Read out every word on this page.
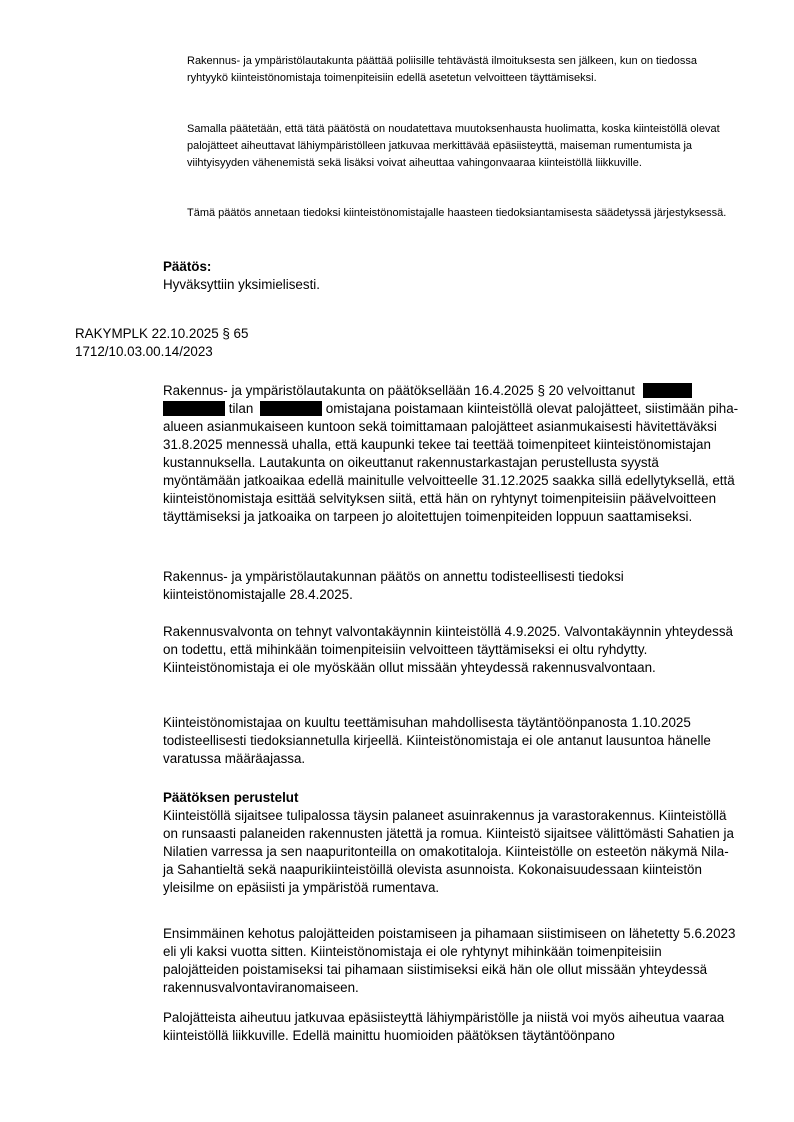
Rakennus- ja ympäristölautakunta päättää poliisille tehtävästä ilmoituksesta sen jälkeen, kun on tiedossa ryhtyykö kiinteistönomistaja toimenpiteisiin edellä asetetun velvoitteen täyttämiseksi.

Samalla päätetään, että tätä päätöstä on noudatettava muutoksenhausta huolimatta, koska kiinteistöllä olevat palojätteet aiheuttavat lähiympäristölleen jatkuvaa merkittävää epäsiisteyttä, maiseman rumentumista ja viihtyisyyden vähenemistä sekä lisäksi voivat aiheuttaa vahingonvaaraa kiinteistöllä liikkuville.

Tämä päätös annetaan tiedoksi kiinteistönomistajalle haasteen tiedoksiantamisesta säädetyssä järjestyksessä.

Päätös:

Hyväksyttiin yksimielisesti.

RAKYMPLK 22.10.2025 § 65

1712/10.03.00.14/2023

Rakennus- ja ympäristölautakunta on päätöksellään 16.4.2025 § 20 velvoittanut   tilan	omistajana poistamaan kiinteistöllä olevat palojätteet, siistimään piha-alueen asianmukaiseen kuntoon sekä toimittamaan palojätteet asianmukaisesti hävitettäväksi 31.8.2025 mennessä uhalla, että kaupunki tekee tai teettää toimenpiteet kiinteistönomistajan kustannuksella. Lautakunta on oikeuttanut rakennustarkastajan perustellusta syystä myöntämään jatkoaikaa edellä mainitulle velvoitteelle 31.12.2025 saakka sillä edellytyksellä, että kiinteistönomistaja esittää selvityksen siitä, että hän on ryhtynyt toimenpiteisiin päävelvoitteen täyttämiseksi ja jatkoaika on tarpeen jo aloitettujen toimenpiteiden loppuun saattamiseksi.

Rakennus- ja ympäristölautakunnan päätös on annettu todisteellisesti tiedoksi kiinteistönomistajalle 28.4.2025.

Rakennusvalvonta on tehnyt valvontakäynnin kiinteistöllä 4.9.2025. Valvontakäynnin yhteydessä on todettu, että mihinkään toimenpiteisiin velvoitteen täyttämiseksi ei oltu ryhdytty. Kiinteistönomistaja ei ole myöskään ollut missään yhteydessä rakennusvalvontaan.

Kiinteistönomistajaa on kuultu teettämisuhan mahdollisesta täytäntöönpanosta 1.10.2025 todisteellisesti tiedoksiannetulla kirjeellä. Kiinteistönomistaja ei ole antanut lausuntoa hänelle varatussa määräajassa.

Päätöksen perustelut

Kiinteistöllä sijaitsee tulipalossa täysin palaneet asuinrakennus ja varastorakennus. Kiinteistöllä on runsaasti palaneiden rakennusten jätettä ja romua. Kiinteistö sijaitsee välittömästi Sahatien ja Nilatien varressa ja sen naapuritonteilla on omakotitaloja. Kiinteistölle on esteetön näkymä Nila- ja Sahantieltä sekä naapurikiinteistöillä olevista asunnoista. Kokonaisuudessaan kiinteistön yleisilme on epäsiisti ja ympäristöä rumentava.

Ensimmäinen kehotus palojätteiden poistamiseen ja pihamaan siistimiseen on lähetetty 5.6.2023 eli yli kaksi vuotta sitten. Kiinteistönomistaja ei ole ryhtynyt mihinkään toimenpiteisiin palojätteiden poistamiseksi tai pihamaan siistimiseksi eikä hän ole ollut missään yhteydessä rakennusvalvontaviranomaiseen.

Palojätteista aiheutuu jatkuvaa epäsiisteyttä lähiympäristölle ja niistä voi myös aiheutua vaaraa kiinteistöllä liikkuville. Edellä mainittu huomioiden päätöksen täytäntöönpano
